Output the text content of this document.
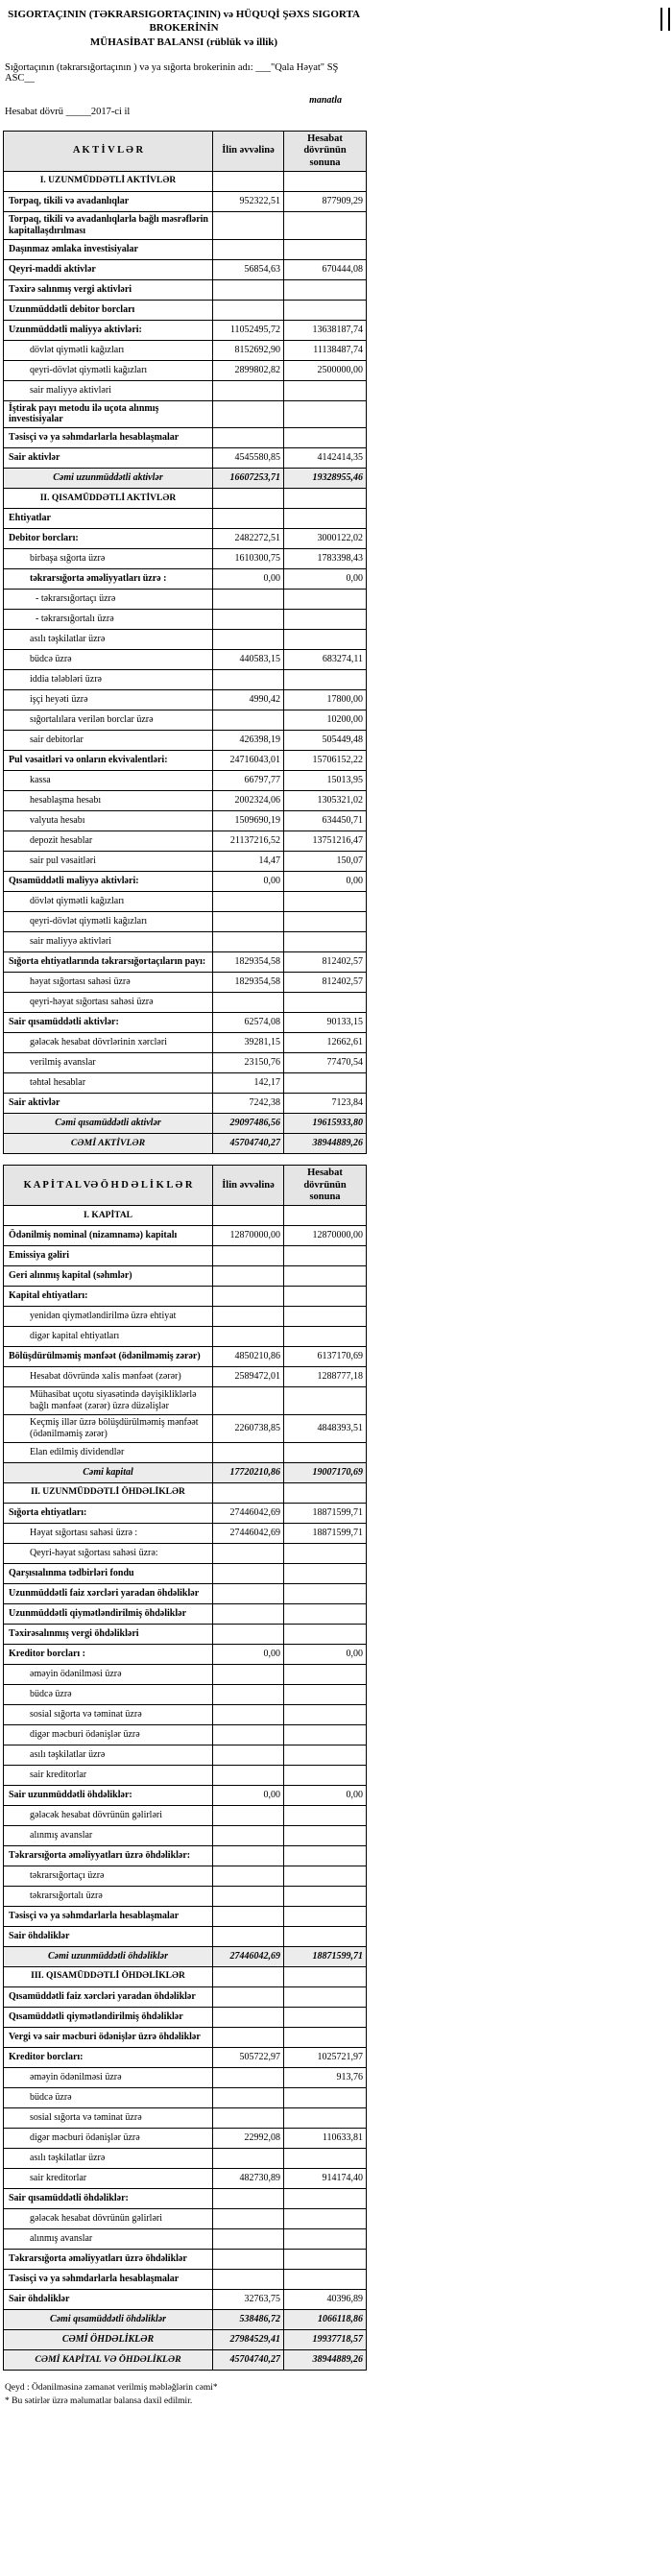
SIGORTAÇININ (TƏKRARSIGORTAÇININ) və HÜQUQİ ŞƏXS SIGORTA BROKERİNİN
MÜHASİBAT BALANSI (rüblük və illik)
Sığortaçının (təkrarsığortaçının ) və ya sığorta brokerinin adı: ___"Qala Həyat" SŞ ASC__
manatla
Hesabat dövrü _____2017-ci il
A K T İ V L Ə R	İlin əvvəlinə	Hesabat dövrünün sonuna
I. UZUNMÜDDƏTLİ AKTİVLƏR		
Torpaq, tikili və avadanlıqlar	952322,51	877909,29
Torpaq, tikili və avadanlıqlarla bağlı məsrəflərin kapitallaşdırılması		
Daşınmaz əmlaka investisiyalar		
Qeyri-maddi aktivlər	56854,63	670444,08
Təxirə salınmış vergi aktivləri		
Uzunmüddətli debitor borcları		
Uzunmüddətli maliyyə aktivləri:	11052495,72	13638187,74
dövlət qiymətli kağızları	8152692,90	11138487,74
qeyri-dövlət qiymətli kağızları	2899802,82	2500000,00
sair maliyyə aktivləri		
İştirak payı metodu ilə uçota alınmış investisiyalar		
Təsisçi və ya səhmdarlarla hesablaşmalar		
Sair aktivlər	4545580,85	4142414,35
Cəmi uzunmüddətli aktivlər	16607253,71	19328955,46
II. QISAMÜDDƏTLİ AKTİVLƏR		
Ehtiyatlar		
Debitor borcları:	2482272,51	3000122,02
birbaşa sığorta üzrə	1610300,75	1783398,43
təkrarsığorta əməliyyatları üzrə :	0,00	0,00
- təkrarsığortaçı üzrə		
- təkrarsığortalı üzrə		
asılı təşkilatlar üzrə		
büdcə üzrə	440583,15	683274,11
iddia tələbləri üzrə		
işçi heyəti üzrə	4990,42	17800,00
sığortalılara verilən borclar üzrə		10200,00
sair debitorlar	426398,19	505449,48
Pul vəsaitləri və onların ekvivalentləri:	24716043,01	15706152,22
kassa	66797,77	15013,95
hesablaşma hesabı	2002324,06	1305321,02
valyuta hesabı	1509690,19	634450,71
depozit hesablar	21137216,52	13751216,47
sair pul vəsaitləri	14,47	150,07
Qısamüddətli maliyyə aktivləri:	0,00	0,00
dövlət qiymətli kağızları		
qeyri-dövlət qiymətli kağızları		
sair maliyyə aktivləri		
Sığorta ehtiyatlarında təkrarsığortaçıların payı:	1829354,58	812402,57
həyat sığortası sahəsi üzrə	1829354,58	812402,57
qeyri-həyat sığortası sahəsi üzrə		
Sair qısamüddətli aktivlər:	62574,08	90133,15
gələcək hesabat dövrlərinin xərcləri	39281,15	12662,61
verilmiş avanslar	23150,76	77470,54
təhtəl hesablar	142,17	
Sair aktivlər	7242,38	7123,84
Cəmi qısamüddətli aktivlər	29097486,56	19615933,80
CƏMİ AKTİVLƏR	45704740,27	38944889,26
K A P İ T A L VƏ Ö H D Ə L İ K L Ə R	İlin əvvəlinə	Hesabat dövrünün sonuna
I. KAPİTAL		
Ödənilmiş nominal (nizamnamə) kapitalı	12870000,00	12870000,00
Emissiya gəliri		
Geri alınmış kapital (səhmlər)		
Kapital ehtiyatları:		
yenidən qiymətləndirilmə üzrə ehtiyat		
digər kapital ehtiyatları		
Bölüşdürülməmiş mənfəət (ödənilməmiş zərər)	4850210,86	6137170,69
Hesabat dövründə xalis mənfəət (zərər)	2589472,01	1288777,18
Mühasibat uçotu siyasətində dəyişikliklərlə bağlı mənfəət (zərər) üzrə düzəlişlər		
Keçmiş illər üzrə bölüşdürülməmiş mənfəət (ödənilməmiş zərər)	2260738,85	4848393,51
Elan edilmiş dividendlər		
Cəmi kapital	17720210,86	19007170,69
II. UZUNMÜDDƏTLİ ÖHDƏLİKLƏR		
Sığorta ehtiyatları:	27446042,69	18871599,71
Həyat sığortası sahəsi üzrə :	27446042,69	18871599,71
Qeyri-həyat sığortası sahəsi üzrə:		
Qarşısıalınma tədbirləri fondu		
Uzunmüddətli faiz xərcləri yaradan öhdəliklər		
Uzunmüddətli qiymətləndirilmiş öhdəliklər		
Təxirəsalınmış vergi öhdəlikləri		
Kreditor borcları :	0,00	0,00
əməyin ödənilməsi üzrə		
büdcə üzrə		
sosial sığorta və təminat üzrə		
digər məcburi ödənişlər üzrə		
asılı təşkilatlar üzrə		
sair kreditorlar		
Sair uzunmüddətli öhdəliklər:	0,00	0,00
gələcək hesabat dövrünün gəlirləri		
alınmış avanslar		
Təkrarsığorta əməliyyatları üzrə öhdəliklər:		
təkrarsığortaçı üzrə		
təkrarsığortalı üzrə		
Təsisçi və ya səhmdarlarla hesablaşmalar		
Sair öhdəliklər		
Cəmi uzunmüddətli öhdəliklər	27446042,69	18871599,71
III. QISAMÜDDƏTLİ ÖHDƏLİKLƏR		
Qısamüddətli faiz xərcləri yaradan öhdəliklər		
Qısamüddətli qiymətləndirilmiş öhdəliklər		
Vergi və sair məcburi ödənişlər üzrə öhdəliklər		
Kreditor borcları:	505722,97	1025721,97
əməyin ödənilməsi üzrə		913,76
büdcə üzrə		
sosial sığorta və təminat üzrə		
digər məcburi ödənişlər üzrə	22992,08	110633,81
asılı təşkilatlar üzrə		
sair kreditorlar	482730,89	914174,40
Sair qısamüddətli öhdəliklər:		
gələcək hesabat dövrünün gəlirləri		
alınmış avanslar		
Təkrarsığorta əməliyyatları üzrə öhdəliklər		
Təsisçi və ya səhmdarlarla hesablaşmalar		
Sair öhdəliklər	32763,75	40396,89
Cəmi qısamüddətli öhdəliklər	538486,72	1066118,86
CƏMİ ÖHDƏLİKLƏR	27984529,41	19937718,57
CƏMİ KAPİTAL VƏ ÖHDƏLİKLƏR	45704740,27	38944889,26
Qeyd : Ödənilməsinə zəmanət verilmiş məbləğlərin cəmi*
* Bu sətirlər üzrə məlumatlar balansa daxil edilmir.
